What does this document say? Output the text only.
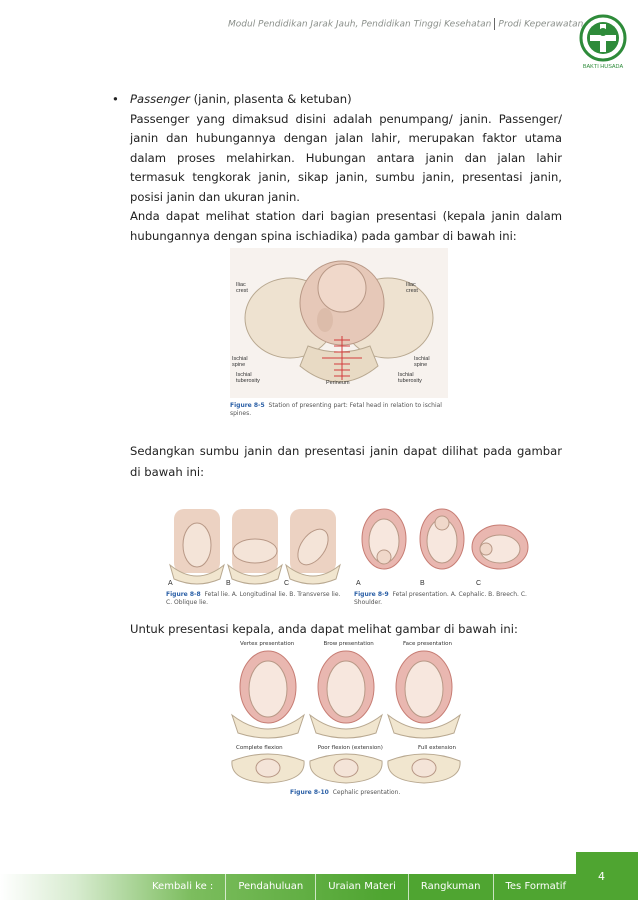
Modul Pendidikan Jarak Jauh, Pendidikan Tinggi Kesehatan Prodi Keperawatan
BAKTI HUSADA
• Passenger (janin, plasenta & ketuban)
Passenger yang dimaksud disini adalah penumpang/ janin. Passenger/ janin dan hubungannya dengan jalan lahir, merupakan faktor utama dalam proses melahirkan. Hubungan antara janin dan jalan lahir termasuk tengkorak janin, sikap janin, sumbu janin, presentasi janin, posisi janin dan ukuran janin.
Anda dapat melihat station dari bagian presentasi (kepala janin dalam hubungannya dengan spina ischiadika) pada gambar di bawah ini:
Iliac crest Iliac crest Ischial spine Ischial spine Ischial tuberosity Ischial tuberosity Perineum
Figure 8-5 Station of presenting part: Fetal head in relation to ischial spines.
Sedangkan sumbu janin dan presentasi janin dapat dilihat pada gambar di bawah ini:
A	B	C
Figure 8-8 Fetal lie. A. Longitudinal lie. B. Transverse lie. C. Oblique lie.
A	B	C
Figure 8-9 Fetal presentation. A. Cephalic. B. Breech. C. Shoulder.
Untuk presentasi kepala, anda dapat melihat gambar di bawah ini:
Vertex presentation	Brow presentation	Face presentation
Complete flexion	Poor flexion (extension)	Full extension
Figure 8-10 Cephalic presentation.
4
Kembali ke :	Pendahuluan	Uraian Materi	Rangkuman	Tes Formatif
